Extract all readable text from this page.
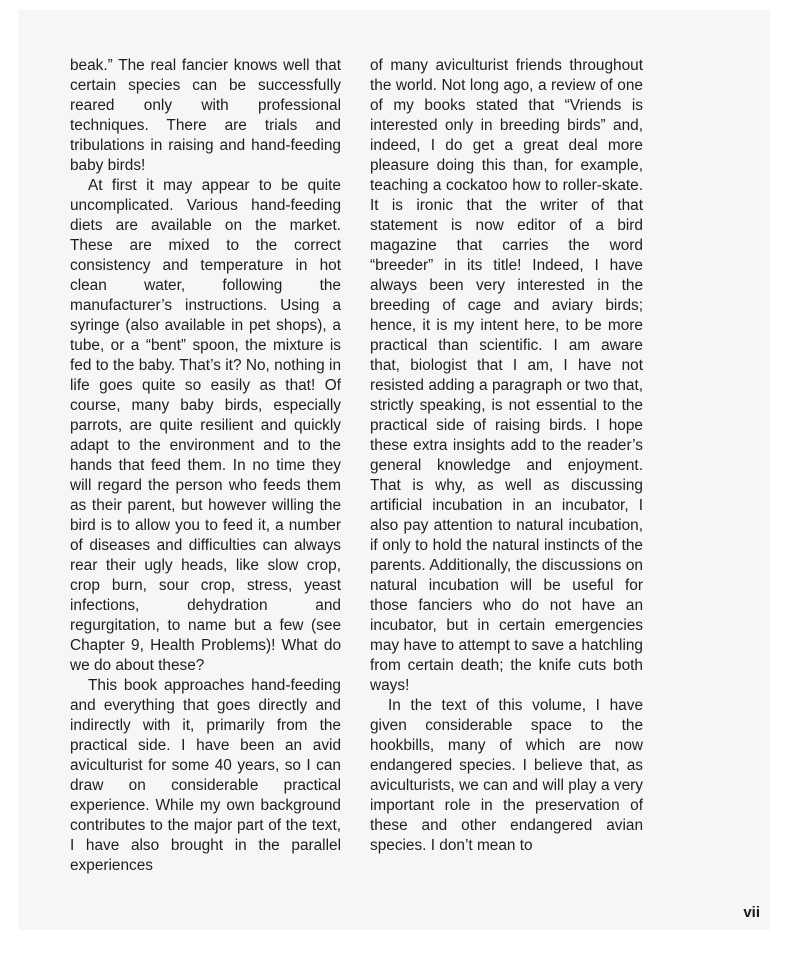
beak.” The real fancier knows well that certain species can be successfully reared only with professional techniques. There are trials and tribulations in raising and hand-feeding baby birds!

At first it may appear to be quite uncomplicated. Various hand-feeding diets are available on the market. These are mixed to the correct consistency and temperature in hot clean water, following the manufacturer’s instructions. Using a syringe (also available in pet shops), a tube, or a “bent” spoon, the mixture is fed to the baby. That’s it? No, nothing in life goes quite so easily as that! Of course, many baby birds, especially parrots, are quite resilient and quickly adapt to the environment and to the hands that feed them. In no time they will regard the person who feeds them as their parent, but however willing the bird is to allow you to feed it, a number of diseases and difficulties can always rear their ugly heads, like slow crop, crop burn, sour crop, stress, yeast infections, dehydration and regurgitation, to name but a few (see Chapter 9, Health Problems)! What do we do about these?

This book approaches hand-feeding and everything that goes directly and indirectly with it, primarily from the practical side. I have been an avid aviculturist for some 40 years, so I can draw on considerable practical experience. While my own background contributes to the major part of the text, I have also brought in the parallel experiences

of many aviculturist friends throughout the world. Not long ago, a review of one of my books stated that “Vriends is interested only in breeding birds” and, indeed, I do get a great deal more pleasure doing this than, for example, teaching a cockatoo how to roller-skate. It is ironic that the writer of that statement is now editor of a bird magazine that carries the word “breeder” in its title! Indeed, I have always been very interested in the breeding of cage and aviary birds; hence, it is my intent here, to be more practical than scientific. I am aware that, biologist that I am, I have not resisted adding a paragraph or two that, strictly speaking, is not essential to the practical side of raising birds. I hope these extra insights add to the reader’s general knowledge and enjoyment. That is why, as well as discussing artificial incubation in an incubator, I also pay attention to natural incubation, if only to hold the natural instincts of the parents. Additionally, the discussions on natural incubation will be useful for those fanciers who do not have an incubator, but in certain emergencies may have to attempt to save a hatchling from certain death; the knife cuts both ways!

In the text of this volume, I have given considerable space to the hookbills, many of which are now endangered species. I believe that, as aviculturists, we can and will play a very important role in the preservation of these and other endangered avian species. I don’t mean to

vii
